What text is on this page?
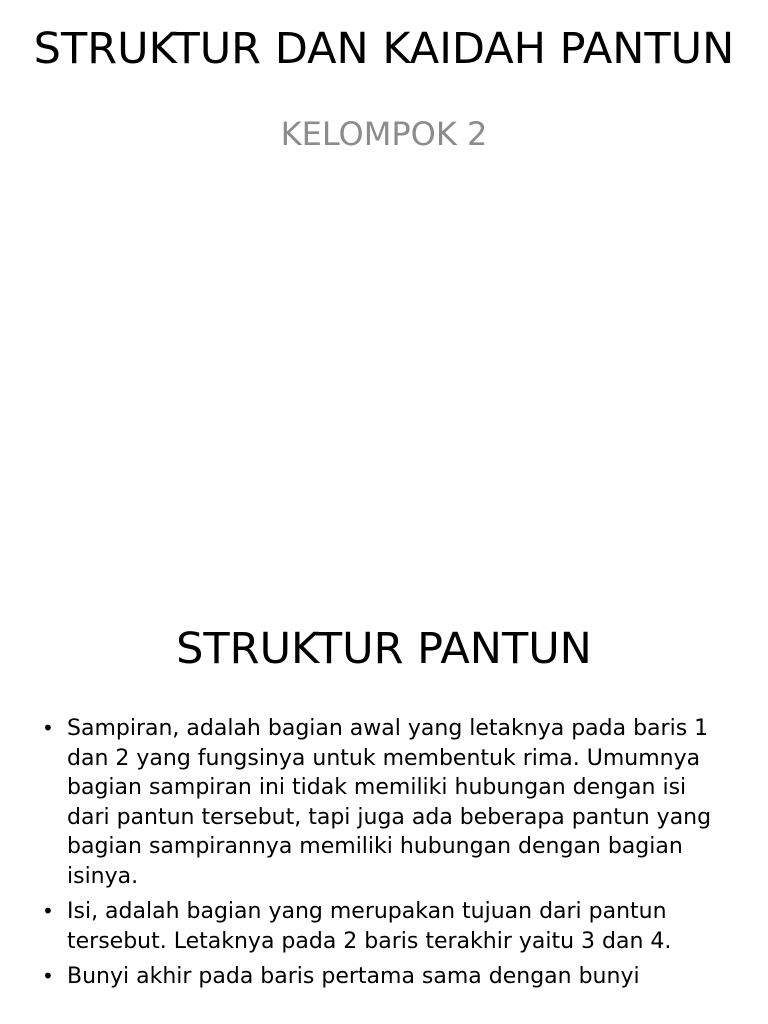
STRUKTUR DAN KAIDAH PANTUN
KELOMPOK 2
STRUKTUR PANTUN
• Sampiran, adalah bagian awal yang letaknya pada baris 1 dan 2 yang fungsinya untuk membentuk rima. Umumnya bagian sampiran ini tidak memiliki hubungan dengan isi dari pantun tersebut, tapi juga ada beberapa pantun yang bagian sampirannya memiliki hubungan dengan bagian isinya.
• Isi, adalah bagian yang merupakan tujuan dari pantun tersebut. Letaknya pada 2 baris terakhir yaitu 3 dan 4.
• Bunyi akhir pada baris pertama sama dengan bunyi
